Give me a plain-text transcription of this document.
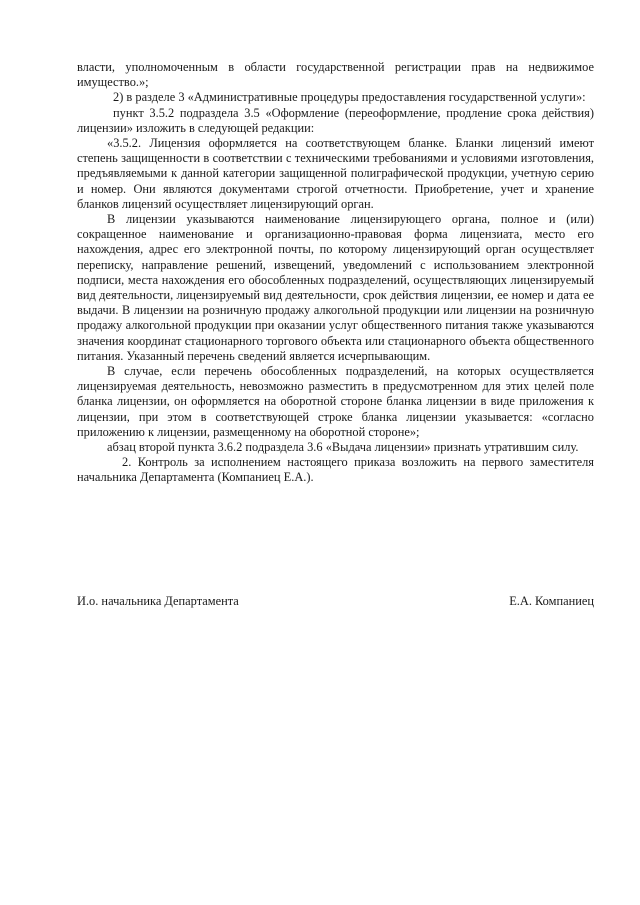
власти, уполномоченным в области государственной регистрации прав на недвижимое имущество.»;

2) в разделе 3 «Административные процедуры предоставления государственной услуги»:

пункт 3.5.2 подраздела 3.5 «Оформление (переоформление, продление срока действия) лицензии» изложить в следующей редакции:

«3.5.2. Лицензия оформляется на соответствующем бланке. Бланки лицензий имеют степень защищенности в соответствии с техническими требованиями и условиями изготовления, предъявляемыми к данной категории защищенной полиграфической продукции, учетную серию и номер. Они являются документами строгой отчетности. Приобретение, учет и хранение бланков лицензий осуществляет лицензирующий орган.

В лицензии указываются наименование лицензирующего органа, полное и (или) сокращенное наименование и организационно-правовая форма лицензиата, место его нахождения, адрес его электронной почты, по которому лицензирующий орган осуществляет переписку, направление решений, извещений, уведомлений с использованием электронной подписи, места нахождения его обособленных подразделений, осуществляющих лицензируемый вид деятельности, лицензируемый вид деятельности, срок действия лицензии, ее номер и дата ее выдачи. В лицензии на розничную продажу алкогольной продукции или лицензии на розничную продажу алкогольной продукции при оказании услуг общественного питания также указываются значения координат стационарного торгового объекта или стационарного объекта общественного питания. Указанный перечень сведений является исчерпывающим.

В случае, если перечень обособленных подразделений, на которых осуществляется лицензируемая деятельность, невозможно разместить в предусмотренном для этих целей поле бланка лицензии, он оформляется на оборотной стороне бланка лицензии в виде приложения к лицензии, при этом в соответствующей строке бланка лицензии указывается: «согласно приложению к лицензии, размещенному на оборотной стороне»;

абзац второй пункта 3.6.2 подраздела 3.6 «Выдача лицензии» признать утратившим силу.

2. Контроль за исполнением настоящего приказа возложить на первого заместителя начальника Департамента (Компаниец Е.А.).

И.о. начальника Департамента	Е.А. Компаниец
